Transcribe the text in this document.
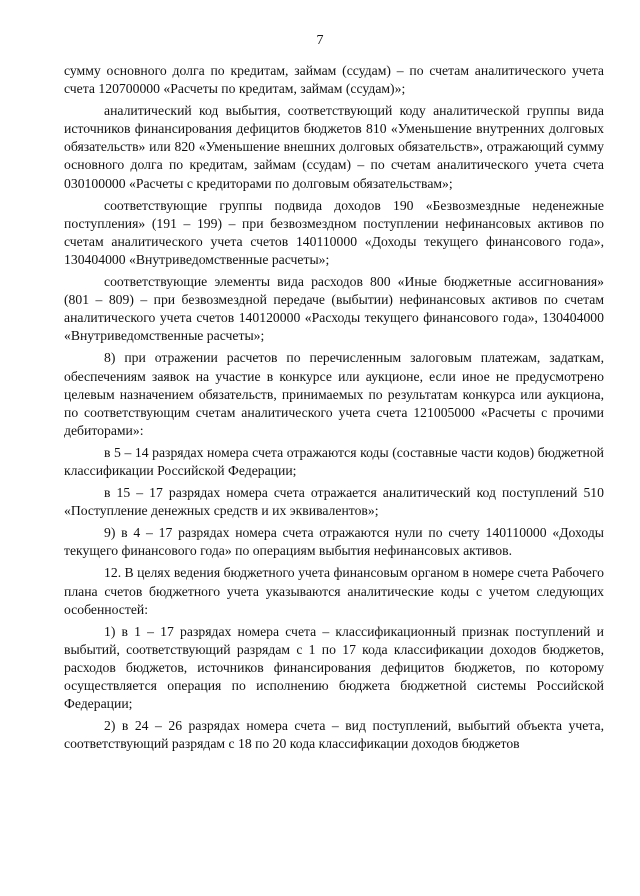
7

сумму основного долга по кредитам, займам (ссудам) – по счетам аналитического учета счета 120700000 «Расчеты по кредитам, займам (ссудам)»;

аналитический код выбытия, соответствующий коду аналитической группы вида источников финансирования дефицитов бюджетов 810 «Уменьшение внутренних долговых обязательств» или 820 «Уменьшение внешних долговых обязательств», отражающий сумму основного долга по кредитам, займам (ссудам) – по счетам аналитического учета счета 030100000 «Расчеты с кредиторами по долговым обязательствам»;

соответствующие группы подвида доходов 190 «Безвозмездные неденежные поступления» (191 – 199) – при безвозмездном поступлении нефинансовых активов по счетам аналитического учета счетов 140110000 «Доходы текущего финансового года», 130404000 «Внутриведомственные расчеты»;

соответствующие элементы вида расходов 800 «Иные бюджетные ассигнования» (801 – 809) – при безвозмездной передаче (выбытии) нефинансовых активов по счетам аналитического учета счетов 140120000 «Расходы текущего финансового года», 130404000 «Внутриведомственные расчеты»;

8) при отражении расчетов по перечисленным залоговым платежам, задаткам, обеспечениям заявок на участие в конкурсе или аукционе, если иное не предусмотрено целевым назначением обязательств, принимаемых по результатам конкурса или аукциона, по соответствующим счетам аналитического учета счета 121005000 «Расчеты с прочими дебиторами»:

в 5 – 14 разрядах номера счета отражаются коды (составные части кодов) бюджетной классификации Российской Федерации;

в 15 – 17 разрядах номера счета отражается аналитический код поступлений 510 «Поступление денежных средств и их эквивалентов»;

9) в 4 – 17 разрядах номера счета отражаются нули по счету 140110000 «Доходы текущего финансового года» по операциям выбытия нефинансовых активов.

12. В целях ведения бюджетного учета финансовым органом в номере счета Рабочего плана счетов бюджетного учета указываются аналитические коды с учетом следующих особенностей:

1) в 1 – 17 разрядах номера счета – классификационный признак поступлений и выбытий, соответствующий разрядам с 1 по 17 кода классификации доходов бюджетов, расходов бюджетов, источников финансирования дефицитов бюджетов, по которому осуществляется операция по исполнению бюджета бюджетной системы Российской Федерации;

2) в 24 – 26 разрядах номера счета – вид поступлений, выбытий объекта учета, соответствующий разрядам с 18 по 20 кода классификации доходов бюджетов
